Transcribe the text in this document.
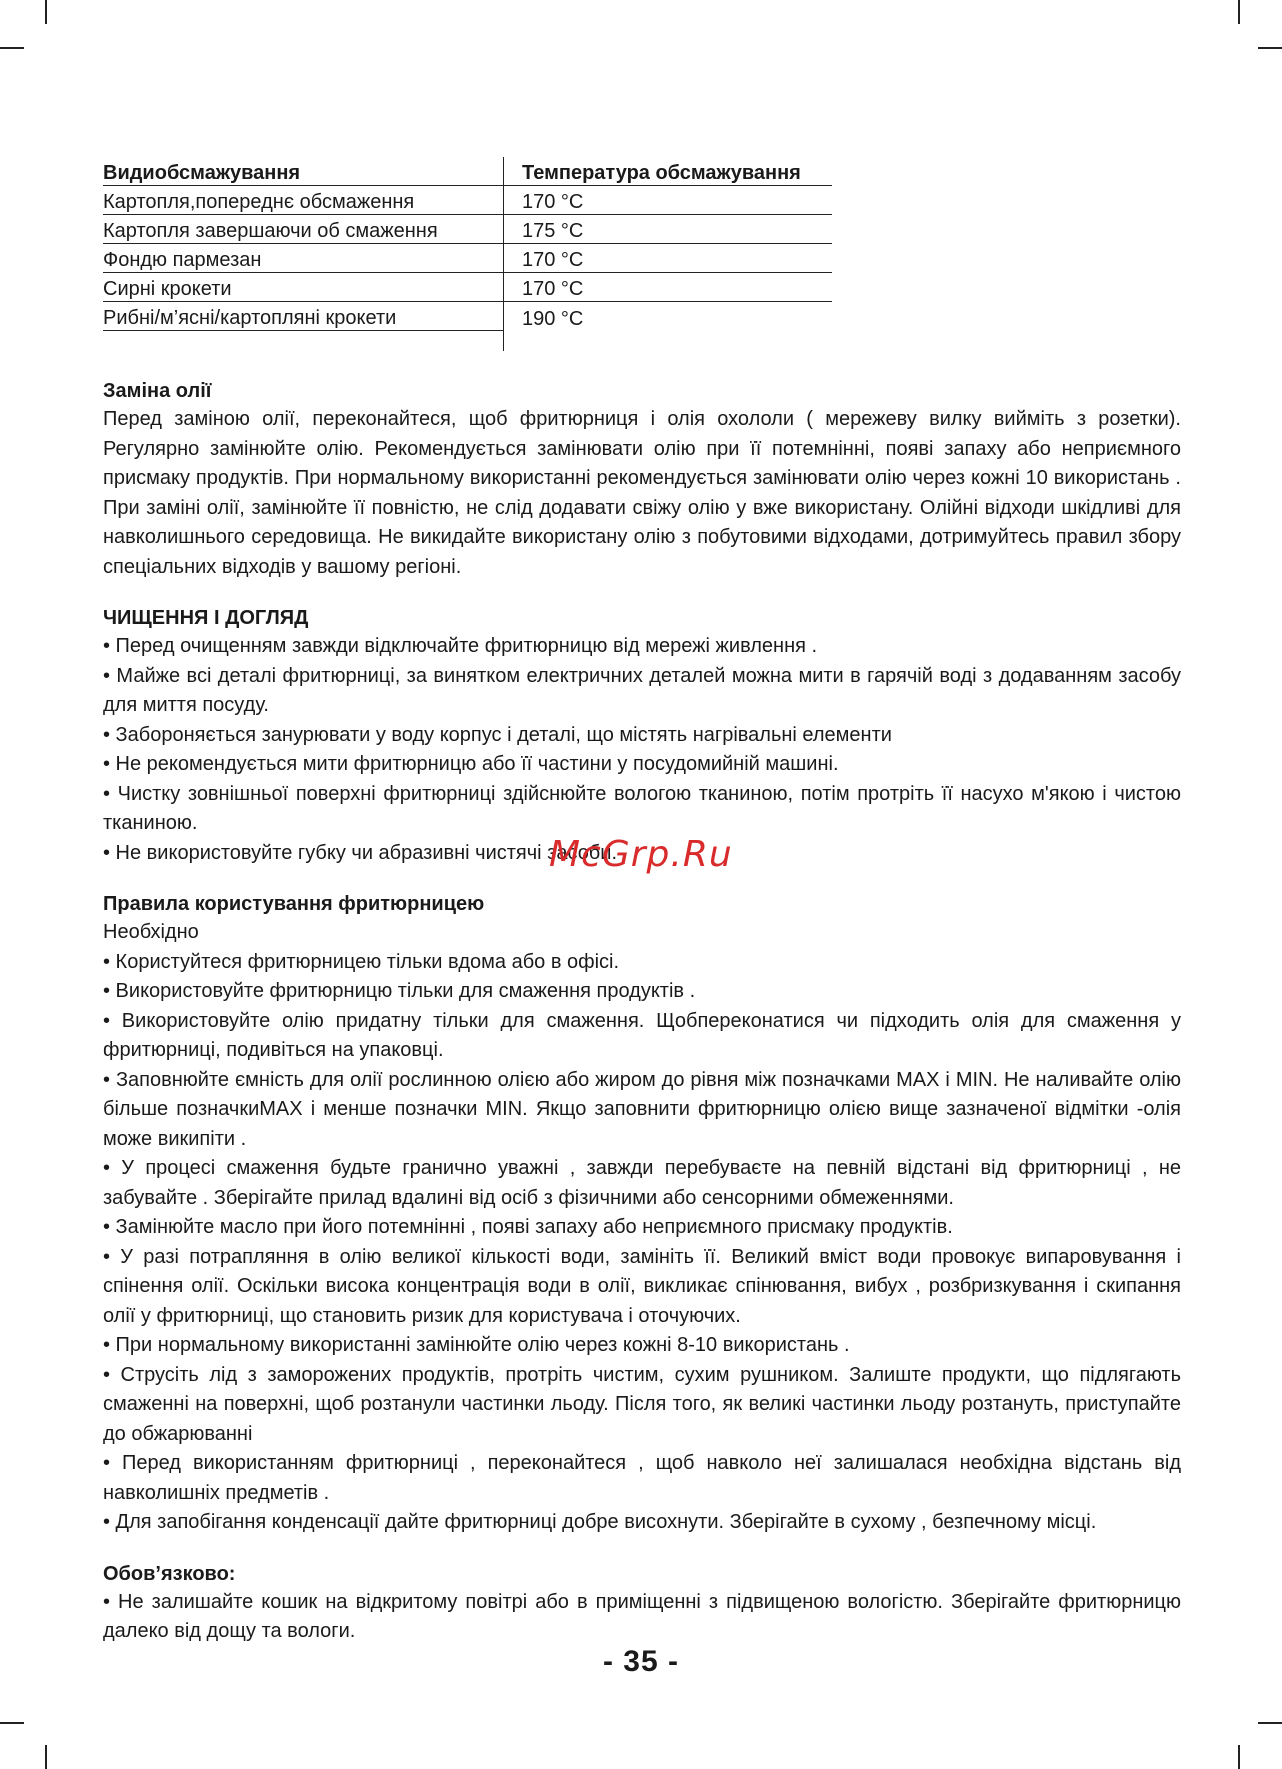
Видиобсмажування	Температура обсмажування
Картопля,попереднє обсмаження	170 °C
Картопля завершаючи об смаження	175 °C
Фондю пармезан	170 °C
Сирні крокети	170 °C
Рибні/м’ясні/картопляні крокети	190 °C

Заміна олії

Перед заміною олії, переконайтеся, щоб фритюрниця і олія охололи ( мережеву вилку вийміть з розетки). Регулярно замінюйте олію. Рекомендується замінювати олію при її потемнінні, появі запаху або неприємного присмаку продуктів. При нормальному використанні рекомендується замінювати олію через кожні 10 використань . При заміні олії, замінюйте її повністю, не слід додавати свіжу олію у вже використану. Олійні відходи шкідливі для навколишнього середовища. Не викидайте використану олію з побутовими відходами, дотримуйтесь правил збору спеціальних відходів у вашому регіоні.

ЧИЩЕННЯ І ДОГЛЯД

• Перед очищенням завжди відключайте фритюрницю від мережі живлення .

• Майже всі деталі фритюрниці, за винятком електричних деталей можна мити в гарячій воді з додаванням засобу для миття посуду.

• Забороняється занурювати у воду корпус і деталі, що містять нагрівальні елементи

• Не рекомендується мити фритюрницю або її частини у посудомийній машині.

• Чистку зовнішньої поверхні фритюрниці здійснюйте вологою тканиною, потім протріть її насухо м'якою і чистою тканиною.

• Не використовуйте губку чи абразивні чистячі засоби.

Правила користування фритюрницею

Необхідно

• Користуйтеся фритюрницею тільки вдома або в офісі.

• Використовуйте фритюрницю тільки для смаження продуктів .

• Використовуйте олію придатну тільки для смаження. Щобпереконатися чи підходить олія для смаження у фритюрниці, подивіться на упаковці.

• Заповнюйте ємність для олії рослинною олією або жиром до рівня між позначками MAX і MIN. Не наливайте олію більше позначкиMAX і менше позначки MIN. Якщо заповнити фритюрницю олією вище зазначеної відмітки -олія може википіти .

• У процесі смаження будьте гранично уважні , завжди перебуваєте на певній відстані від фритюрниці , не забувайте . Зберігайте прилад вдалині від осіб з фізичними або сенсорними обмеженнями.

• Замінюйте масло при його потемнінні , появі запаху або неприємного присмаку продуктів.

• У разі потрапляння в олію великої кількості води, замініть її. Великий вміст води провокує випаровування і спінення олії. Оскільки висока концентрація води в олії, викликає спінювання, вибух , розбризкування і скипання олії у фритюрниці, що становить ризик для користувача і оточуючих.

• При нормальному використанні замінюйте олію через кожні 8-10 використань .

• Струсіть лід з заморожених продуктів, протріть чистим, сухим рушником. Залиште продукти, що підлягають смаженні на поверхні, щоб розтанули частинки льоду. Після того, як великі частинки льоду розтануть, приступайте до обжарюванні

• Перед використанням фритюрниці , переконайтеся , щоб навколо неї залишалася необхідна відстань від навколишніх предметів .

• Для запобігання конденсації дайте фритюрниці добре висохнути. Зберігайте в сухому , безпечному місці.

Обов’язково:

• Не залишайте кошик на відкритому повітрі або в приміщенні з підвищеною вологістю. Зберігайте фритюрницю далеко від дощу та вологи.

McGrp.Ru
- 35 -
